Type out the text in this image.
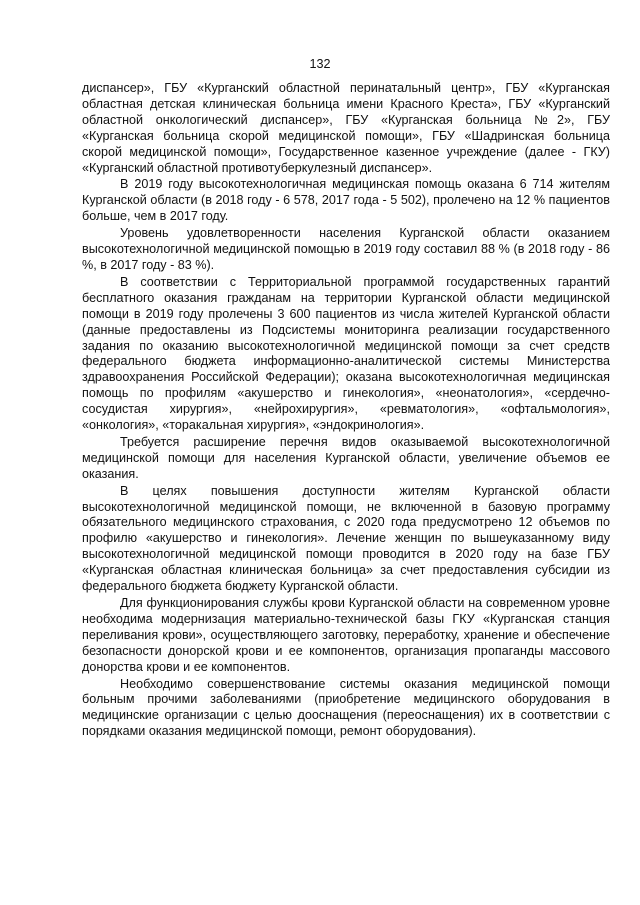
132

диспансер», ГБУ «Курганский областной перинатальный центр», ГБУ «Курганская областная детская клиническая больница имени Красного Креста», ГБУ «Курганский областной онкологический диспансер», ГБУ «Курганская больница №2», ГБУ «Курганская больница скорой медицинской помощи», ГБУ «Шадринская больница скорой медицинской помощи», Государственное казенное учреждение (далее - ГКУ) «Курганский областной противотуберкулезный диспансер».

В 2019 году высокотехнологичная медицинская помощь оказана 6 714 жителям Курганской области (в 2018 году - 6 578, 2017 года - 5 502), пролечено на 12 % пациентов больше, чем в 2017 году.

Уровень удовлетворенности населения Курганской области оказанием высокотехнологичной медицинской помощью в 2019 году составил 88 % (в 2018 году - 86 %, в 2017 году - 83 %).

В соответствии с Территориальной программой государственных гарантий бесплатного оказания гражданам на территории Курганской области медицинской помощи в 2019 году пролечены 3 600 пациентов из числа жителей Курганской области (данные предоставлены из Подсистемы мониторинга реализации государственного задания по оказанию высокотехнологичной медицинской помощи за счет средств федерального бюджета информационно-аналитической системы Министерства здравоохранения Российской Федерации); оказана высокотехнологичная медицинская помощь по профилям «акушерство и гинекология», «неонатология», «сердечно-сосудистая хирургия», «нейрохирургия», «ревматология», «офтальмология», «онкология», «торакальная хирургия», «эндокринология».

Требуется расширение перечня видов оказываемой высокотехнологичной медицинской помощи для населения Курганской области, увеличение объемов ее оказания.

В целях повышения доступности жителям Курганской области высокотехнологичной медицинской помощи, не включенной в базовую программу обязательного медицинского страхования, с 2020 года предусмотрено 12 объемов по профилю «акушерство и гинекология». Лечение женщин по вышеуказанному виду высокотехнологичной медицинской помощи проводится в 2020 году на базе ГБУ «Курганская областная клиническая больница» за счет предоставления субсидии из федерального бюджета бюджету Курганской области.

Для функционирования службы крови Курганской области на современном уровне необходима модернизация материально-технической базы ГКУ «Курганская станция переливания крови», осуществляющего заготовку, переработку, хранение и обеспечение безопасности донорской крови и ее компонентов, организация пропаганды массового донорства крови и ее компонентов.

Необходимо совершенствование системы оказания медицинской помощи больным прочими заболеваниями (приобретение медицинского оборудования в медицинские организации с целью дооснащения (переоснащения) их в соответствии с порядками оказания медицинской помощи, ремонт оборудования).
